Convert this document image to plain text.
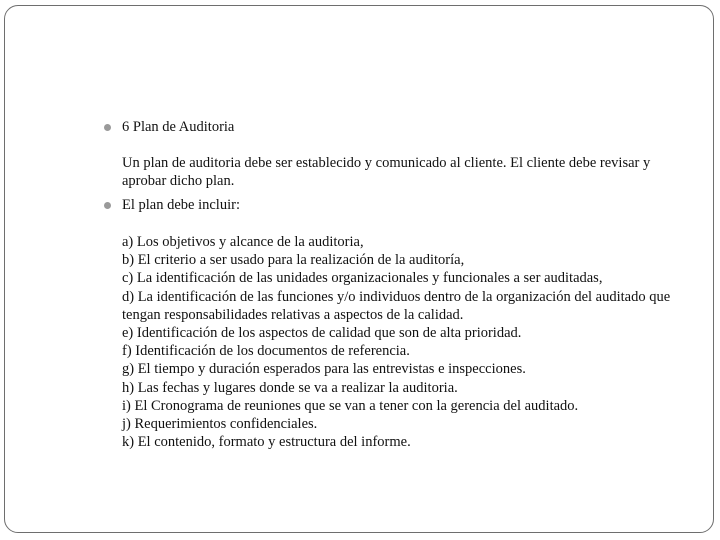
6 Plan de Auditoria
Un plan de auditoria debe ser establecido y comunicado al cliente. El cliente debe revisar y aprobar dicho plan.
El plan debe incluir:
a) Los objetivos y alcance de la auditoria,
b) El criterio a ser usado para la realización de la auditoría,
c) La identificación de las unidades organizacionales y funcionales a ser auditadas,
d) La identificación de las funciones y/o individuos dentro de la organización del auditado que tengan responsabilidades relativas a aspectos de la calidad.
e) Identificación de los aspectos de calidad que son de alta prioridad.
f) Identificación de los documentos de referencia.
g) El tiempo y duración esperados para las entrevistas e inspecciones.
h) Las fechas y lugares donde se va a realizar la auditoria.
i) El Cronograma de reuniones que se van a tener con la gerencia del auditado.
j) Requerimientos confidenciales.
k) El contenido, formato y estructura del informe.
